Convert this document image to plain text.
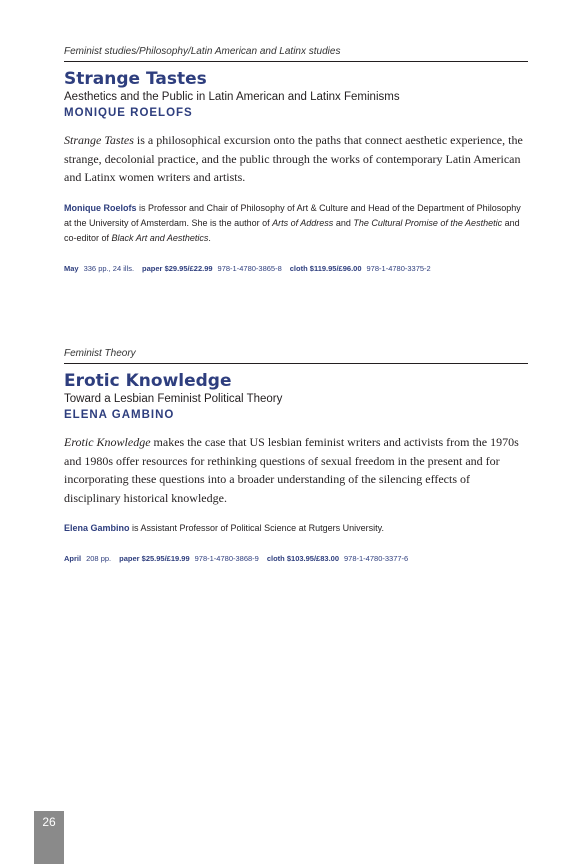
Feminist studies/Philosophy/Latin American and Latinx studies
Strange Tastes
Aesthetics and the Public in Latin American and Latinx Feminisms
MONIQUE ROELOFS
Strange Tastes is a philosophical excursion onto the paths that connect aesthetic experience, the strange, decolonial practice, and the public through the works of contemporary Latin American and Latinx women writers and artists.
Monique Roelofs is Professor and Chair of Philosophy of Art & Culture and Head of the Department of Philosophy at the University of Amsterdam. She is the author of Arts of Address and The Cultural Promise of the Aesthetic and co-editor of Black Art and Aesthetics.
May 336 pp., 24 ills. paper $29.95/£22.99 978-1-4780-3865-8 cloth $119.95/£96.00 978-1-4780-3375-2
Feminist Theory
Erotic Knowledge
Toward a Lesbian Feminist Political Theory
ELENA GAMBINO
Erotic Knowledge makes the case that US lesbian feminist writers and activists from the 1970s and 1980s offer resources for rethinking questions of sexual freedom in the present and for incorporating these questions into a broader understanding of the silencing effects of disciplinary historical knowledge.
Elena Gambino is Assistant Professor of Political Science at Rutgers University.
April 208 pp. paper $25.95/£19.99 978-1-4780-3868-9 cloth $103.95/£83.00 978-1-4780-3377-6
26
